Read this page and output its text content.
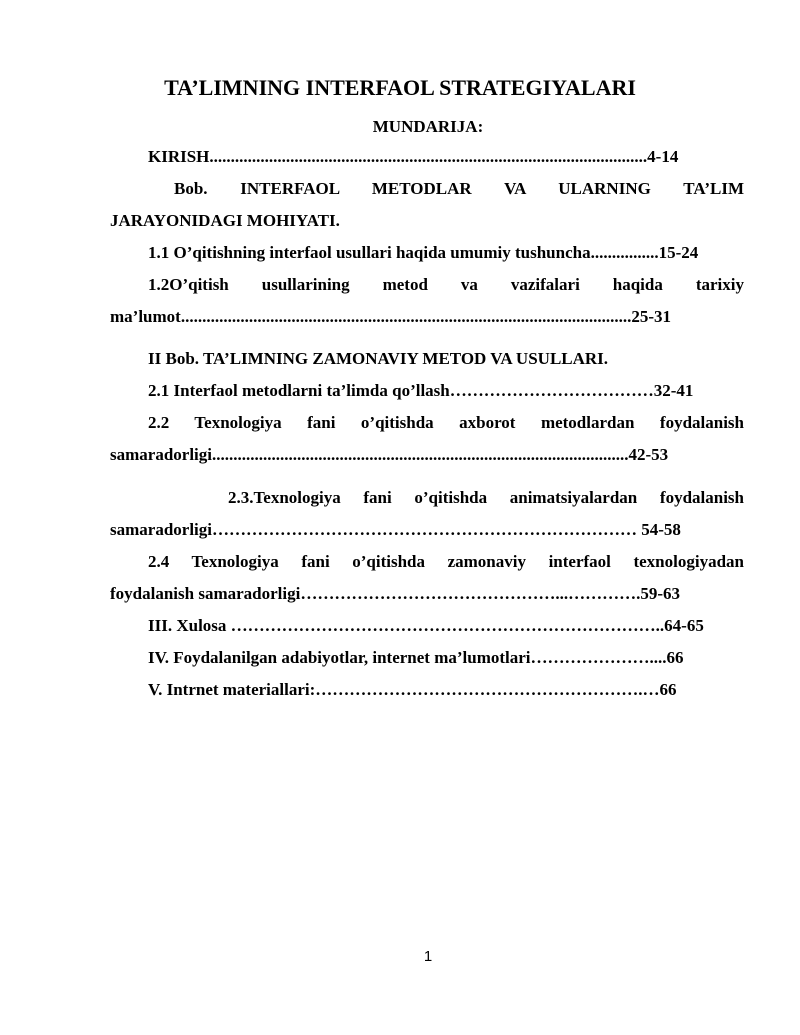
TA’LIMNING INTERFAOL STRATEGIYALARI
MUNDARIJA:

KIRISH.......................................................................................................4-14

Bob. INTERFAOL METODLAR VA ULARNING TA’LIM
JARAYONIDAGI MOHIYATI.

1.1 O’qitishning interfaol usullari haqida umumiy tushuncha................15-24

1.2O’qitish usullarining metod va vazifalari haqida tarixiy
ma’lumot..........................................................................................................25-31

II Bob. TA’LIMNING ZAMONAVIY METOD VA USULLARI.

2.1 Interfaol metodlarni ta’limda qo’llash………………………………32-41

2.2 Texnologiya fani o’qitishda axborot metodlardan foydalanish
samaradorligi..................................................................................................42-53

2.3.Texnologiya fani o’qitishda animatsiyalardan foydalanish
samaradorligi………………………………………………………………… 54-58

2.4 Texnologiya fani o’qitishda zamonaviy interfaol texnologiyadan
foydalanish samaradorligi………………………………………...………….59-63

III. Xulosa …………………………………………………………………..64-65

IV. Foydalanilgan adabiyotlar, internet ma’lumotlari…………………....66

V. Intrnet materiallari:………………………………………………….…66

1
